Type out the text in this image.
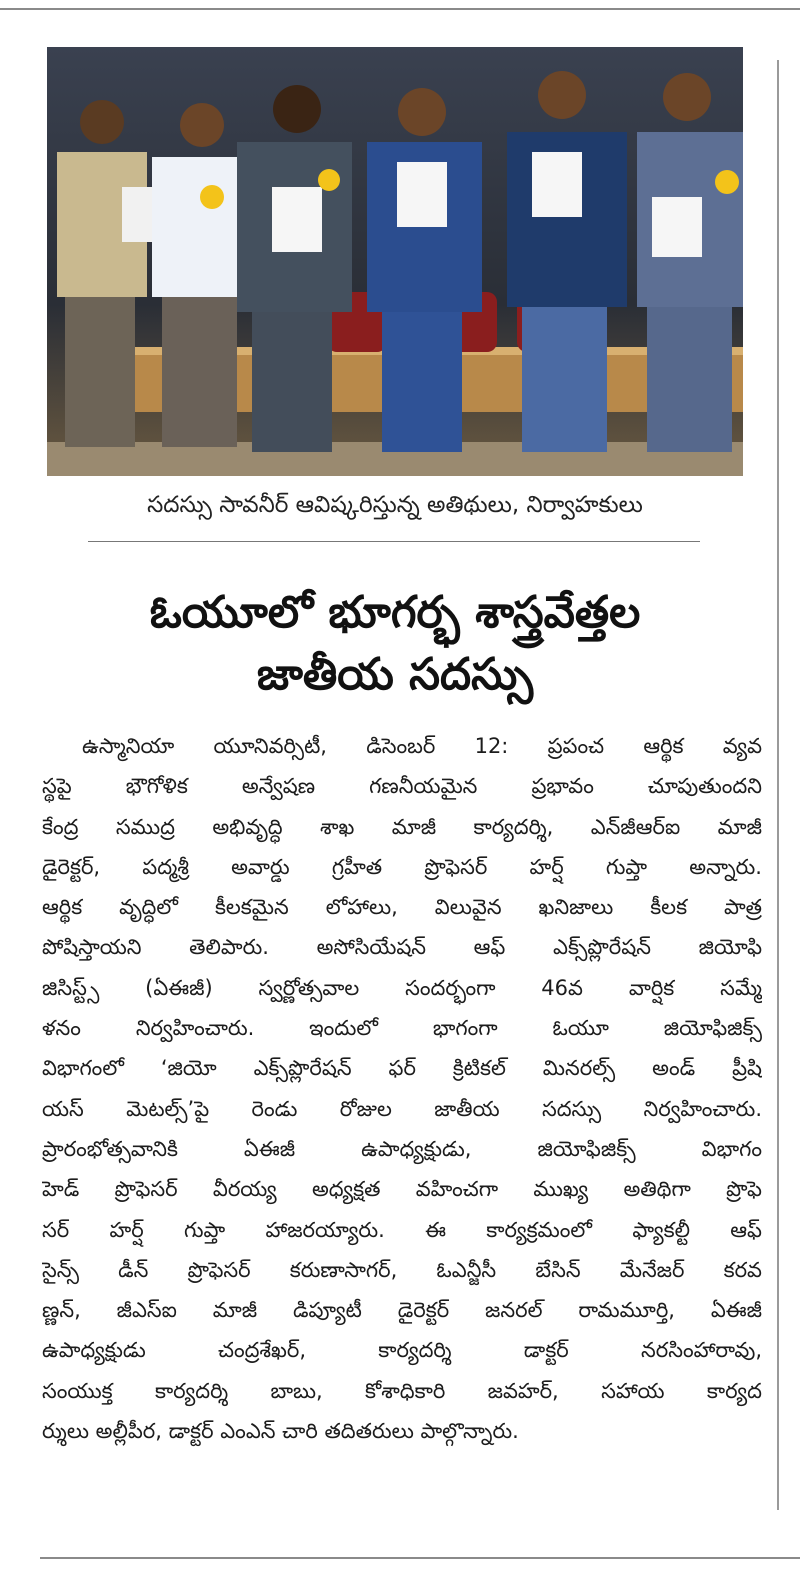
సదస్సు సావనీర్ ఆవిష్కరిస్తున్న అతిథులు, నిర్వాహకులు
ఓయూలో భూగర్భ శాస్త్రవేత్తల
జాతీయ సదస్సు
ఉస్మానియా యూనివర్సిటీ, డిసెంబర్ 12: ప్రపంచ ఆర్థిక వ్యవ
స్థపై భౌగోళిక అన్వేషణ గణనీయమైన ప్రభావం చూపుతుందని
కేంద్ర సముద్ర అభివృద్ధి శాఖ మాజీ కార్యదర్శి, ఎన్‌జీఆర్ఐ మాజీ
డైరెక్టర్, పద్మశ్రీ అవార్డు గ్రహీత ప్రొఫెసర్ హర్ష్ గుప్తా అన్నారు.
ఆర్థిక వృద్ధిలో కీలకమైన లోహాలు, విలువైన ఖనిజాలు కీలక పాత్ర
పోషిస్తాయని తెలిపారు. అసోసియేషన్ ఆఫ్ ఎక్స్‌ప్లొరేషన్ జియోఫి
జిసిస్ట్స్ (ఏఈజీ) స్వర్ణోత్సవాల సందర్భంగా 46వ వార్షిక సమ్మే
ళనం నిర్వహించారు. ఇందులో భాగంగా ఓయూ జియోఫిజిక్స్
విభాగంలో ‘జియో ఎక్స్‌ప్లొరేషన్ ఫర్ క్రిటికల్ మినరల్స్ అండ్ ప్రీషి
యస్ మెటల్స్’పై రెండు రోజుల జాతీయ సదస్సు నిర్వహించారు.
ప్రారంభోత్సవానికి ఏఈజీ ఉపాధ్యక్షుడు, జియోఫిజిక్స్ విభాగం
హెడ్ ప్రొఫెసర్ వీరయ్య అధ్యక్షత వహించగా ముఖ్య అతిథిగా ప్రొఫె
సర్ హర్ష్ గుప్తా హాజరయ్యారు. ఈ కార్యక్రమంలో ఫ్యాకల్టీ ఆఫ్
సైన్స్ డీన్ ప్రొఫెసర్ కరుణాసాగర్, ఓఎన్జీసీ బేసిన్ మేనేజర్ కరవ
ణ్ణన్, జీఎస్ఐ మాజీ డిప్యూటీ డైరెక్టర్ జనరల్ రామమూర్తి, ఏఈజీ
ఉపాధ్యక్షుడు చంద్రశేఖర్, కార్యదర్శి డాక్టర్ నరసింహారావు,
సంయుక్త కార్యదర్శి బాబు, కోశాధికారి జవహర్, సహాయ కార్యద
ర్శులు అల్లీపీర, డాక్టర్ ఎంఎన్ చారి తదితరులు పాల్గొన్నారు.
